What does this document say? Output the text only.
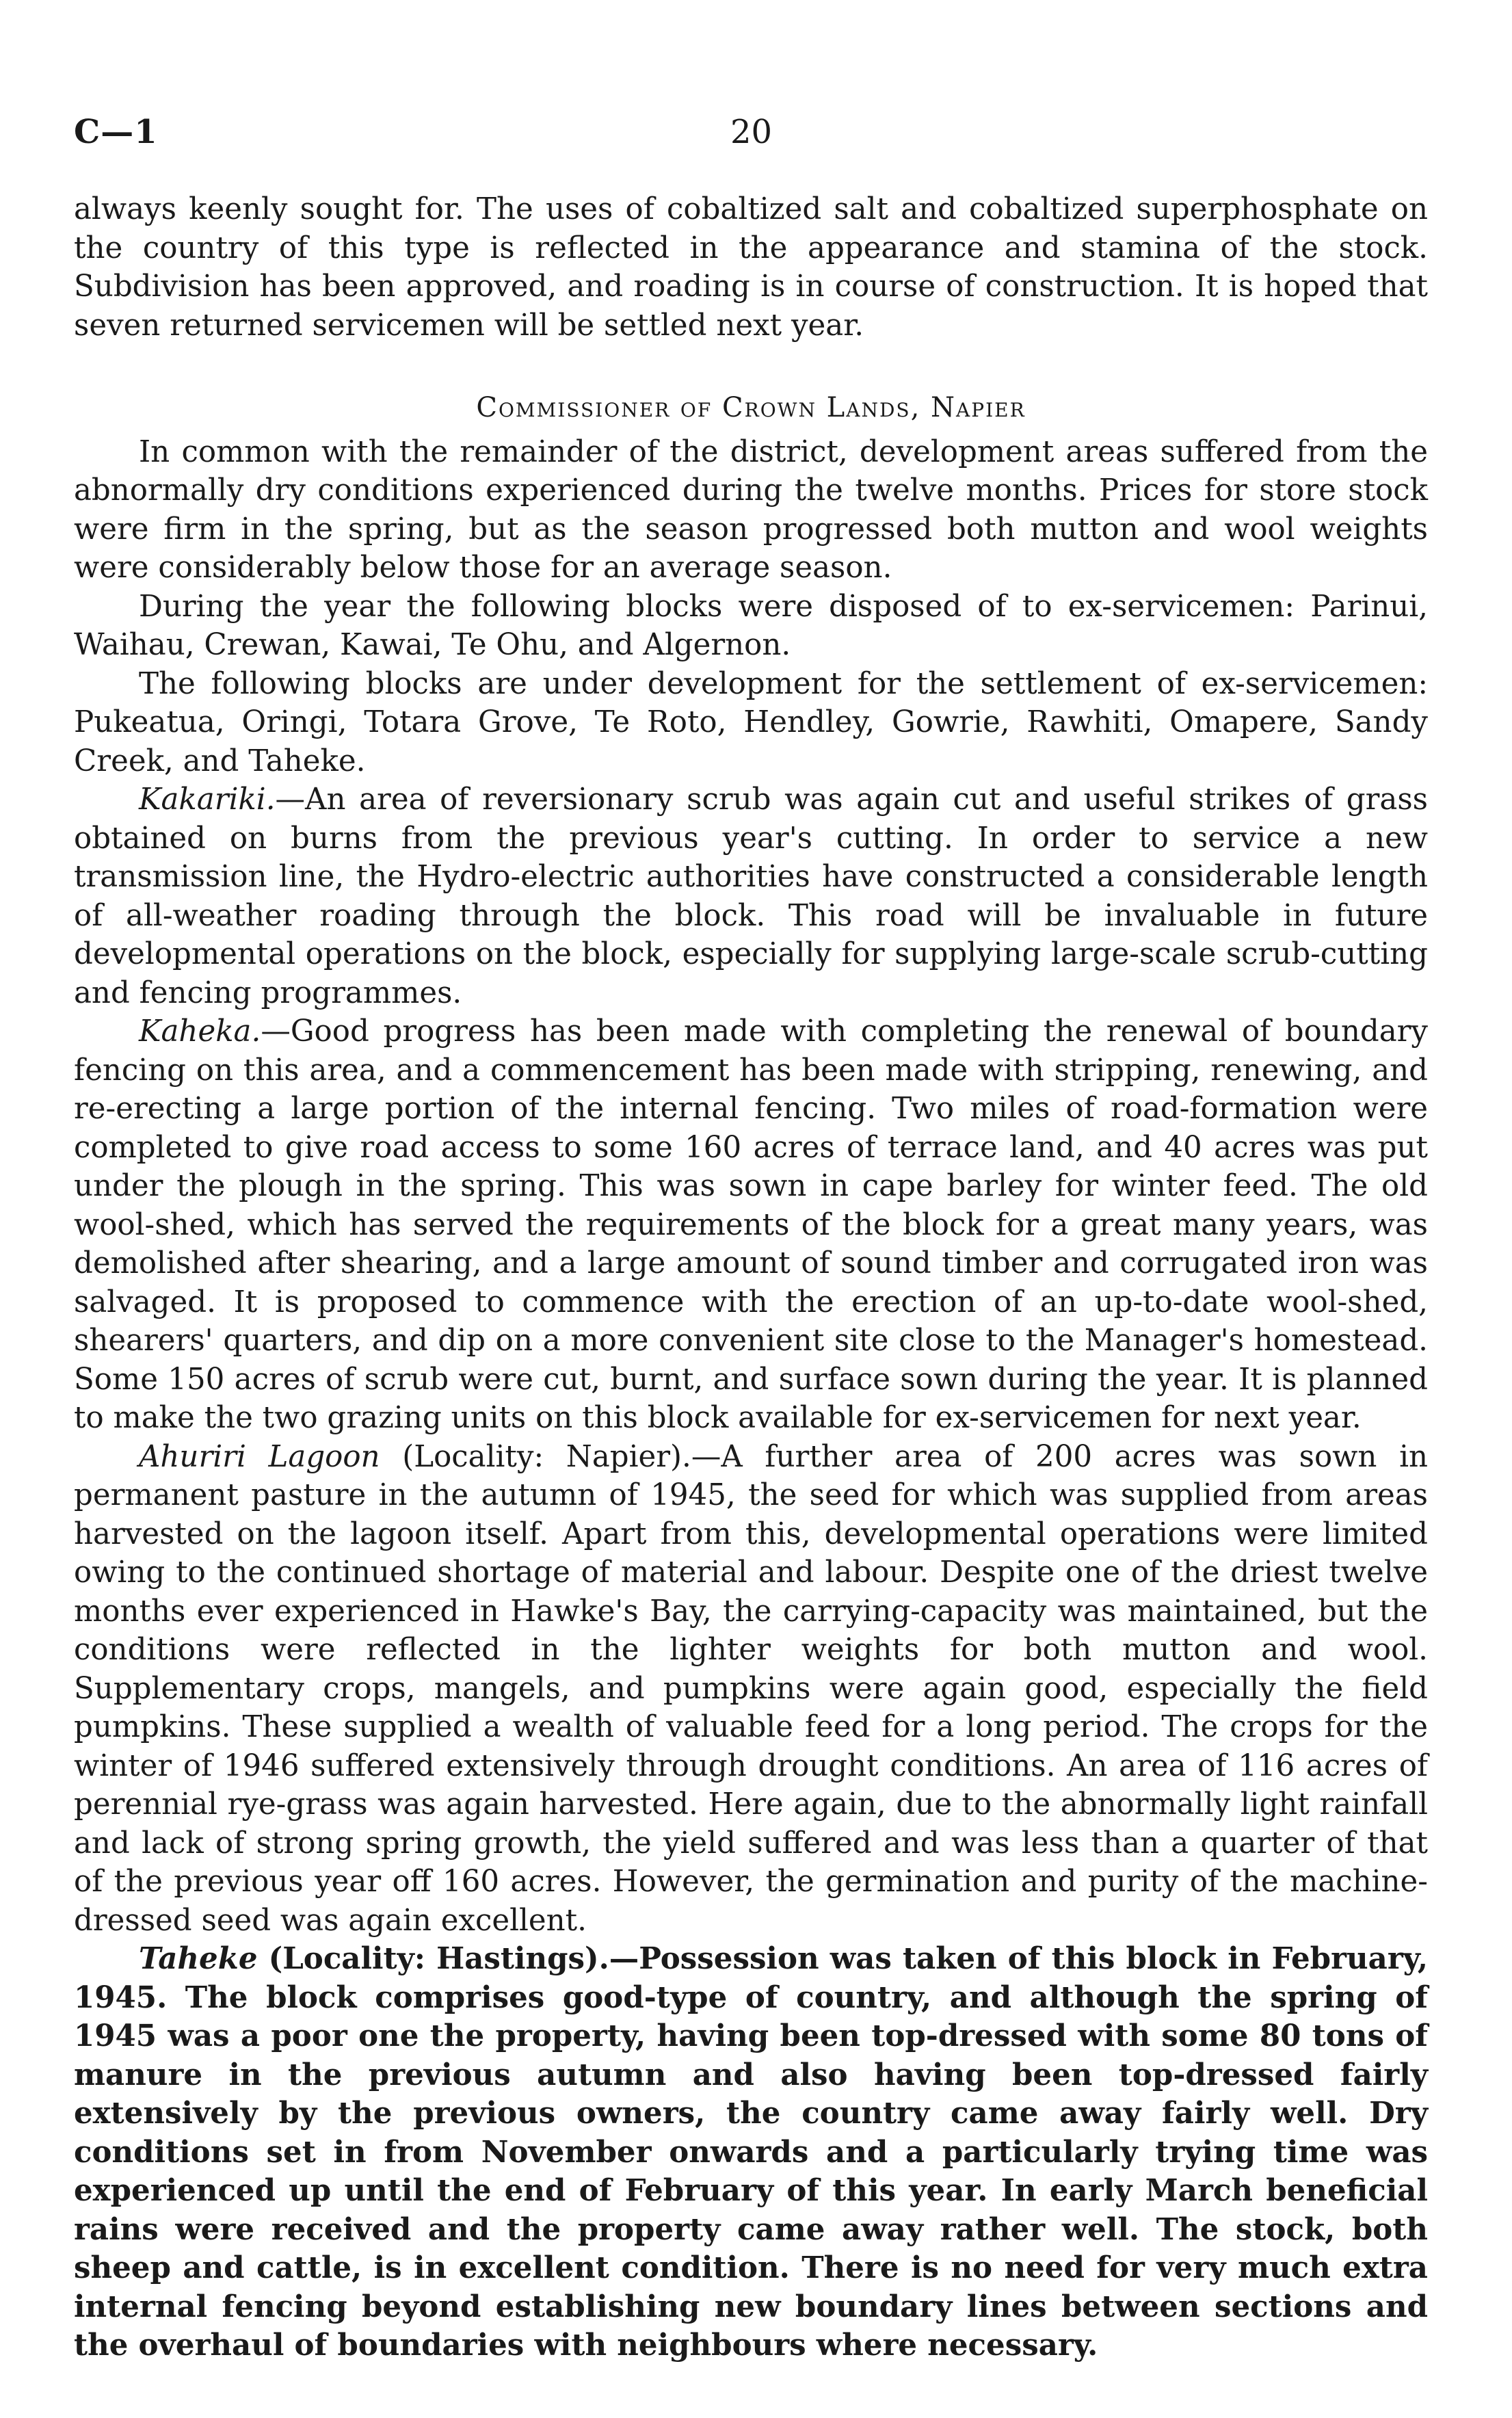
C—1	20

always keenly sought for. The uses of cobaltized salt and cobaltized superphosphate on the country of this type is reflected in the appearance and stamina of the stock. Subdivision has been approved, and roading is in course of construction. It is hoped that seven returned servicemen will be settled next year.

Commissioner of Crown Lands, Napier

In common with the remainder of the district, development areas suffered from the abnormally dry conditions experienced during the twelve months. Prices for store stock were firm in the spring, but as the season progressed both mutton and wool weights were considerably below those for an average season.

During the year the following blocks were disposed of to ex-servicemen: Parinui, Waihau, Crewan, Kawai, Te Ohu, and Algernon.

The following blocks are under development for the settlement of ex-servicemen: Pukeatua, Oringi, Totara Grove, Te Roto, Hendley, Gowrie, Rawhiti, Omapere, Sandy Creek, and Taheke.

Kakariki.—An area of reversionary scrub was again cut and useful strikes of grass obtained on burns from the previous year's cutting. In order to service a new transmission line, the Hydro-electric authorities have constructed a considerable length of all-weather roading through the block. This road will be invaluable in future developmental operations on the block, especially for supplying large-scale scrub-cutting and fencing programmes.

Kaheka.—Good progress has been made with completing the renewal of boundary fencing on this area, and a commencement has been made with stripping, renewing, and re-erecting a large portion of the internal fencing. Two miles of road-formation were completed to give road access to some 160 acres of terrace land, and 40 acres was put under the plough in the spring. This was sown in cape barley for winter feed. The old wool-shed, which has served the requirements of the block for a great many years, was demolished after shearing, and a large amount of sound timber and corrugated iron was salvaged. It is proposed to commence with the erection of an up-to-date wool-shed, shearers' quarters, and dip on a more convenient site close to the Manager's homestead. Some 150 acres of scrub were cut, burnt, and surface sown during the year. It is planned to make the two grazing units on this block available for ex-servicemen for next year.

Ahuriri Lagoon (Locality: Napier).—A further area of 200 acres was sown in permanent pasture in the autumn of 1945, the seed for which was supplied from areas harvested on the lagoon itself. Apart from this, developmental operations were limited owing to the continued shortage of material and labour. Despite one of the driest twelve months ever experienced in Hawke's Bay, the carrying-capacity was maintained, but the conditions were reflected in the lighter weights for both mutton and wool. Supplementary crops, mangels, and pumpkins were again good, especially the field pumpkins. These supplied a wealth of valuable feed for a long period. The crops for the winter of 1946 suffered extensively through drought conditions. An area of 116 acres of perennial rye-grass was again harvested. Here again, due to the abnormally light rainfall and lack of strong spring growth, the yield suffered and was less than a quarter of that of the previous year off 160 acres. However, the germination and purity of the machine-dressed seed was again excellent.

Taheke (Locality: Hastings).—Possession was taken of this block in February, 1945. The block comprises good-type of country, and although the spring of 1945 was a poor one the property, having been top-dressed with some 80 tons of manure in the previous autumn and also having been top-dressed fairly extensively by the previous owners, the country came away fairly well. Dry conditions set in from November onwards and a particularly trying time was experienced up until the end of February of this year. In early March beneficial rains were received and the property came away rather well. The stock, both sheep and cattle, is in excellent condition. There is no need for very much extra internal fencing beyond establishing new boundary lines between sections and the overhaul of boundaries with neighbours where necessary.
